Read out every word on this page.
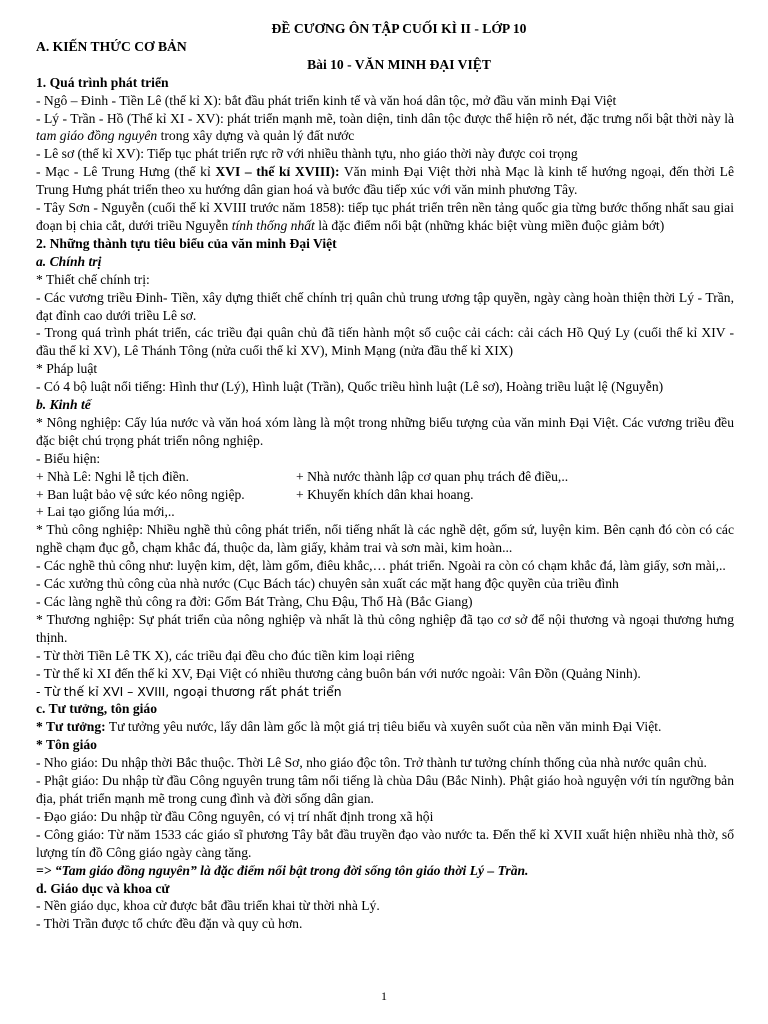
ĐỀ CƯƠNG ÔN TẬP CUỐI KÌ II - LỚP 10
A. KIẾN THỨC CƠ BẢN
Bài 10 - VĂN MINH ĐẠI VIỆT
1. Quá trình phát triển
- Ngô – Đinh - Tiền Lê (thế kỉ X): bắt đầu phát triển kinh tế và văn hoá dân tộc, mở đầu văn minh Đại Việt
- Lý - Trần - Hồ (Thế kỉ XI - XV): phát triển mạnh mẽ, toàn diện, tinh dân tộc được thể hiện rõ nét, đặc trưng nổi bật thời này là tam giáo đồng nguyên trong xây dựng và quản lý đất nước
- Lê sơ (thế kỉ XV): Tiếp tục phát triển rực rỡ với nhiều thành tựu, nho giáo thời này được coi trọng
- Mạc - Lê Trung Hưng (thế kỉ XVI – thế kỉ XVIII): Văn minh Đại Việt thời nhà Mạc là kinh tế hướng ngoại, đến thời Lê Trung Hưng phát triển theo xu hướng dân gian hoá và bước đầu tiếp xúc với văn minh phương Tây.
- Tây Sơn - Nguyễn (cuối thế kỉ XVIII trước năm 1858): tiếp tục phát triển trên nền tảng quốc gia từng bước thống nhất sau giai đoạn bị chia cắt, dưới triều Nguyễn tính thống nhất là đặc điểm nổi bật (những khác biệt vùng miền đuộc giảm bớt)
2. Những thành tựu tiêu biểu của văn minh Đại Việt
a. Chính trị
* Thiết chế chính trị:
- Các vương triều Đinh- Tiền, xây dựng thiết chế chính trị quân chủ trung ương tập quyền, ngày càng hoàn thiện thời Lý - Trần, đạt đỉnh cao dưới triều Lê sơ.
- Trong quá trình phát triển, các triều đại quân chủ đã tiến hành một số cuộc cải cách: cải cách Hồ Quý Ly (cuối thế kỉ XIV - đầu thế kỉ XV), Lê Thánh Tông (nửa cuối thế kỉ XV), Minh Mạng (nửa đầu thế kỉ XIX)
* Pháp luật
- Có 4 bộ luật nổi tiếng: Hình thư (Lý), Hình luật (Trần), Quốc triều hình luật (Lê sơ), Hoàng triều luật lệ (Nguyễn)
b. Kinh tế
* Nông nghiệp: Cấy lúa nước và văn hoá xóm làng là một trong những biểu tượng của văn minh Đại Việt. Các vương triều đều đặc biệt chú trọng phát triển nông nghiệp.
- Biểu hiện:
+ Nhà Lê: Nghi lễ tịch điền.	+ Nhà nước thành lập cơ quan phụ trách đê điều,..
+ Ban luật bảo vệ sức kéo nông ngiệp.	+ Khuyến khích dân khai hoang.
+ Lai tạo giống lúa mới,..
* Thủ công nghiệp: Nhiều nghề thủ công phát triển, nổi tiếng nhất là các nghề dệt, gốm sứ, luyện kim. Bên cạnh đó còn có các nghề chạm đục gỗ, chạm khắc đá, thuộc da, làm giấy, khảm trai và sơn mài, kim hoàn...
- Các nghề thủ công như: luyện kim, dệt, làm gốm, điêu khắc,… phát triển. Ngoài ra còn có chạm khắc đá, làm giấy, sơn mài,..
- Các xưởng thủ công của nhà nước (Cục Bách tác) chuyên sản xuất các mặt hang độc quyền của triều đình
- Các làng nghề thủ công ra đời: Gốm Bát Tràng, Chu Đậu, Thổ Hà (Bắc Giang)
* Thương nghiệp: Sự phát triển của nông nghiệp và nhất là thủ công nghiệp đã tạo cơ sở để nội thương và ngoại thương hưng thịnh.
- Từ thời Tiền Lê TK X), các triều đại đều cho đúc tiền kim loại riêng
- Từ thế kỉ XI đến thế kỉ XV, Đại Việt có nhiều thương cảng buôn bán với nước ngoài: Vân Đồn (Quảng Ninh).
- Từ thế kỉ XVI – XVIII, ngoại thương rất phát triển
c. Tư tưởng, tôn giáo
* Tư tưởng: Tư tưởng yêu nước, lấy dân làm gốc là một giá trị tiêu biểu và xuyên suốt của nền văn minh Đại Việt.
* Tôn giáo
- Nho giáo: Du nhập thời Bắc thuộc. Thời Lê Sơ, nho giáo độc tôn. Trở thành tư tưởng chính thống của nhà nước quân chủ.
- Phật giáo: Du nhập từ đầu Công nguyên trung tâm nổi tiếng là chùa Dâu (Bắc Ninh). Phật giáo hoà nguyện với tín ngưỡng bản địa, phát triển mạnh mẽ trong cung đình và đời sống dân gian.
- Đạo giáo: Du nhập từ đầu Công nguyên, có vị trí nhất định trong xã hội
- Công giáo: Từ năm 1533 các giáo sĩ phương Tây bắt đầu truyền đạo vào nước ta. Đến thế kỉ XVII xuất hiện nhiều nhà thờ, số lượng tín đồ Công giáo ngày càng tăng.
=> “Tam giáo đồng nguyên” là đặc điểm nổi bật trong đời sống tôn giáo thời Lý – Trần.
d. Giáo dục và khoa cử
- Nền giáo dục, khoa cử được bắt đầu triển khai từ thời nhà Lý.
- Thời Trần được tổ chức đều đặn và quy củ hơn.
1
